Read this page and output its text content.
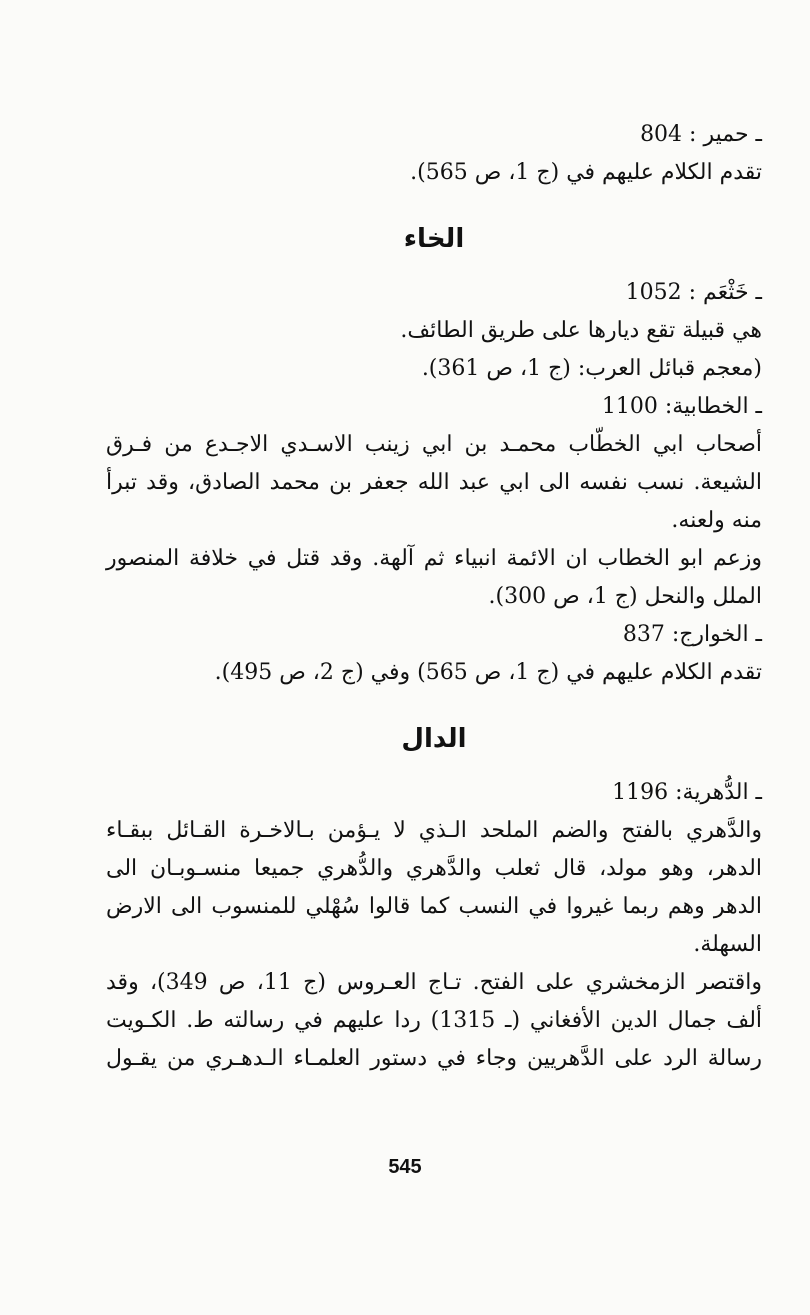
ـ حمير : 804
تقدم الكلام عليهم في (ج 1، ص 565).
الخاء
ـ خَثْعَم : 1052
هي قبيلة تقع ديارها على طريق الطائف.
(معجم قبائل العرب: (ج 1، ص 361).
ـ الخطابية: 1100
أصحاب ابي الخطّاب محمـد بن ابي زينب الاسـدي الاجـدع من فـرق
الشيعة. نسب نفسه الى ابي عبد الله جعفر بن محمد الصادق، وقد تبرأ
منه ولعنه.
وزعم ابو الخطاب ان الائمة انبياء ثم آلهة. وقد قتل في خلافة المنصور
الملل والنحل (ج 1، ص 300).
ـ الخوارج: 837
تقدم الكلام عليهم في (ج 1، ص 565) وفي (ج 2، ص 495).
الدال
ـ الدُّهرية: 1196
والدَّهري بالفتح والضم الملحد الـذي لا يـؤمن بـالاخـرة القـائل ببقـاء
الدهر، وهو مولد، قال ثعلب والدَّهري والدُّهري جميعا منسـوبـان الى
الدهر وهم ربما غيروا في النسب كما قالوا سُهْلي للمنسوب الى الارض
السهلة.
واقتصر الزمخشري على الفتح. تـاج العـروس (ج 11، ص 349)، وقد
ألف جمال الدين الأفغاني (ـ 1315) ردا عليهم في رسالته ط. الكـويت
رسالة الرد على الدَّهريين وجاء في دستور العلمـاء الـدهـري من يقـول
545
